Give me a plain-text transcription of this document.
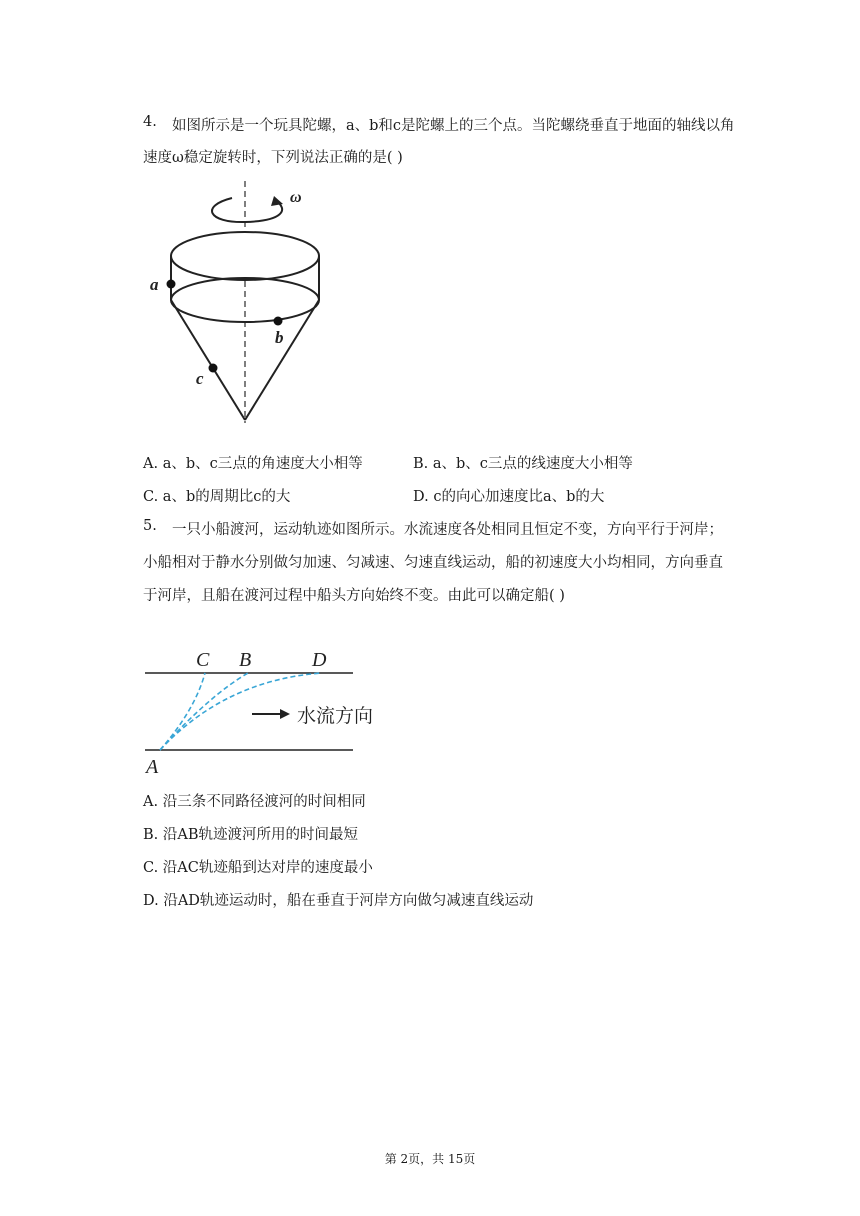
4. 如图所示是一个玩具陀螺，a、b和c是陀螺上的三个点。当陀螺绕垂直于地面的轴线以角
速度ω稳定旋转时，下列说法正确的是( )
ω
a
b
c
A. a、b、c三点的角速度大小相等	B. a、b、c三点的线速度大小相等
C. a、b的周期比c的大	D. c的向心加速度比a、b的大
5. 一只小船渡河，运动轨迹如图所示。水流速度各处相同且恒定不变，方向平行于河岸；
小船相对于静水分别做匀加速、匀减速、匀速直线运动，船的初速度大小均相同，方向垂直
于河岸，且船在渡河过程中船头方向始终不变。由此可以确定船( )
C B	D
A
水流方向
A. 沿三条不同路径渡河的时间相同
B. 沿AB轨迹渡河所用的时间最短
C. 沿AC轨迹船到达对岸的速度最小
D. 沿AD轨迹运动时，船在垂直于河岸方向做匀减速直线运动
第 2页，共 15页
